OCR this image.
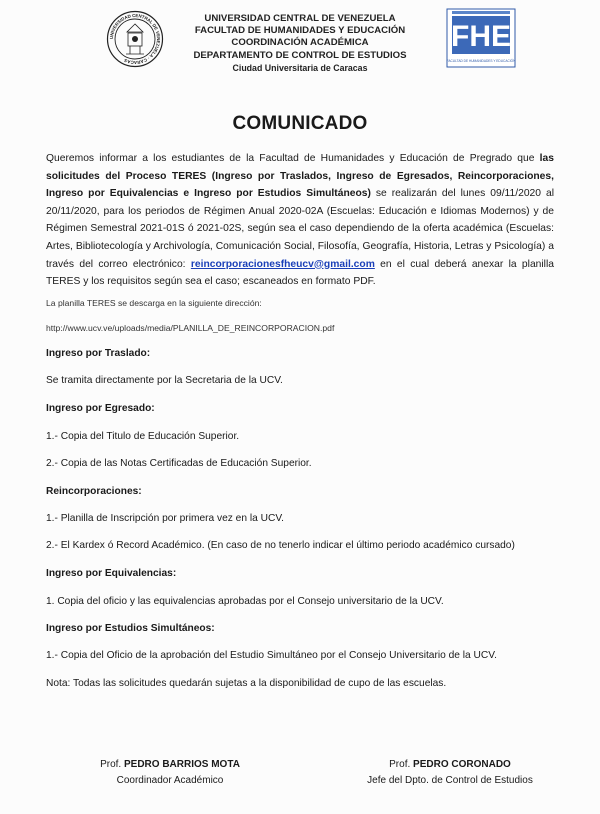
UNIVERSIDAD CENTRAL DE VENEZUELA · CARACAS
UNIVERSIDAD CENTRAL DE VENEZUELA
FACULTAD DE HUMANIDADES Y EDUCACIÓN
COORDINACIÓN ACADÉMICA
DEPARTAMENTO DE CONTROL DE ESTUDIOS
Ciudad Universitaria de Caracas
FHE
FACULTAD DE HUMANIDADES Y EDUCACIÓN
COMUNICADO
Queremos informar a los estudiantes de la Facultad de Humanidades y Educación de Pregrado que las solicitudes del Proceso TERES (Ingreso por Traslados, Ingreso de Egresados, Reincorporaciones, Ingreso por Equivalencias e Ingreso por Estudios Simultáneos) se realizarán del lunes 09/11/2020 al 20/11/2020, para los periodos de Régimen Anual 2020-02A (Escuelas: Educación e Idiomas Modernos) y de Régimen Semestral 2021-01S ó 2021-02S, según sea el caso dependiendo de la oferta académica (Escuelas: Artes, Bibliotecología y Archivología, Comunicación Social, Filosofía, Geografía, Historia, Letras y Psicología) a través del correo electrónico: reincorporacionesfheucv@gmail.com en el cual deberá anexar la planilla TERES y los requisitos según sea el caso; escaneados en formato PDF.
La planilla TERES se descarga en la siguiente dirección:
http://www.ucv.ve/uploads/media/PLANILLA_DE_REINCORPORACION.pdf
Ingreso por Traslado:
Se tramita directamente por la Secretaria de la UCV.
Ingreso por Egresado:
1.- Copia del Titulo de Educación Superior.
2.- Copia de las Notas Certificadas de Educación Superior.
Reincorporaciones:
1.- Planilla de Inscripción por primera vez en la UCV.
2.- El Kardex ó Record Académico. (En caso de no tenerlo indicar el último periodo académico cursado)
Ingreso por Equivalencias:
1. Copia del oficio y las equivalencias aprobadas por el Consejo universitario de la UCV.
Ingreso por Estudios Simultáneos:
1.- Copia del Oficio de la aprobación del Estudio Simultáneo por el Consejo Universitario de la UCV.
Nota: Todas las solicitudes quedarán sujetas a la disponibilidad de cupo de las escuelas.
Prof. PEDRO BARRIOS MOTA
Coordinador Académico
Prof. PEDRO CORONADO
Jefe del Dpto. de Control de Estudios
